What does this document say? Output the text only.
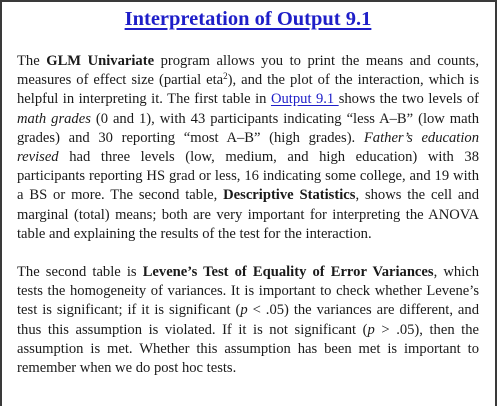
Interpretation of Output 9.1

The GLM Univariate program allows you to print the means and counts, measures of effect size (partial eta$^2$), and the plot of the interaction, which is helpful in interpreting it. The first table in Output 9.1 shows the two levels of math grades (0 and 1), with 43 participants indicating “less A–B” (low math grades) and 30 reporting “most A–B” (high grades). Father’s education revised had three levels (low, medium, and high education) with 38 participants reporting HS grad or less, 16 indicating some college, and 19 with a BS or more. The second table, Descriptive Statistics, shows the cell and marginal (total) means; both are very important for interpreting the ANOVA table and explaining the results of the test for the interaction.

The second table is Levene’s Test of Equality of Error Variances, which tests the homogeneity of variances. It is important to check whether Levene’s test is significant; if it is significant (p < .05) the variances are different, and thus this assumption is violated. If it is not significant (p > .05), then the assumption is met. Whether this assumption has been met is important to remember when we do post hoc tests.
